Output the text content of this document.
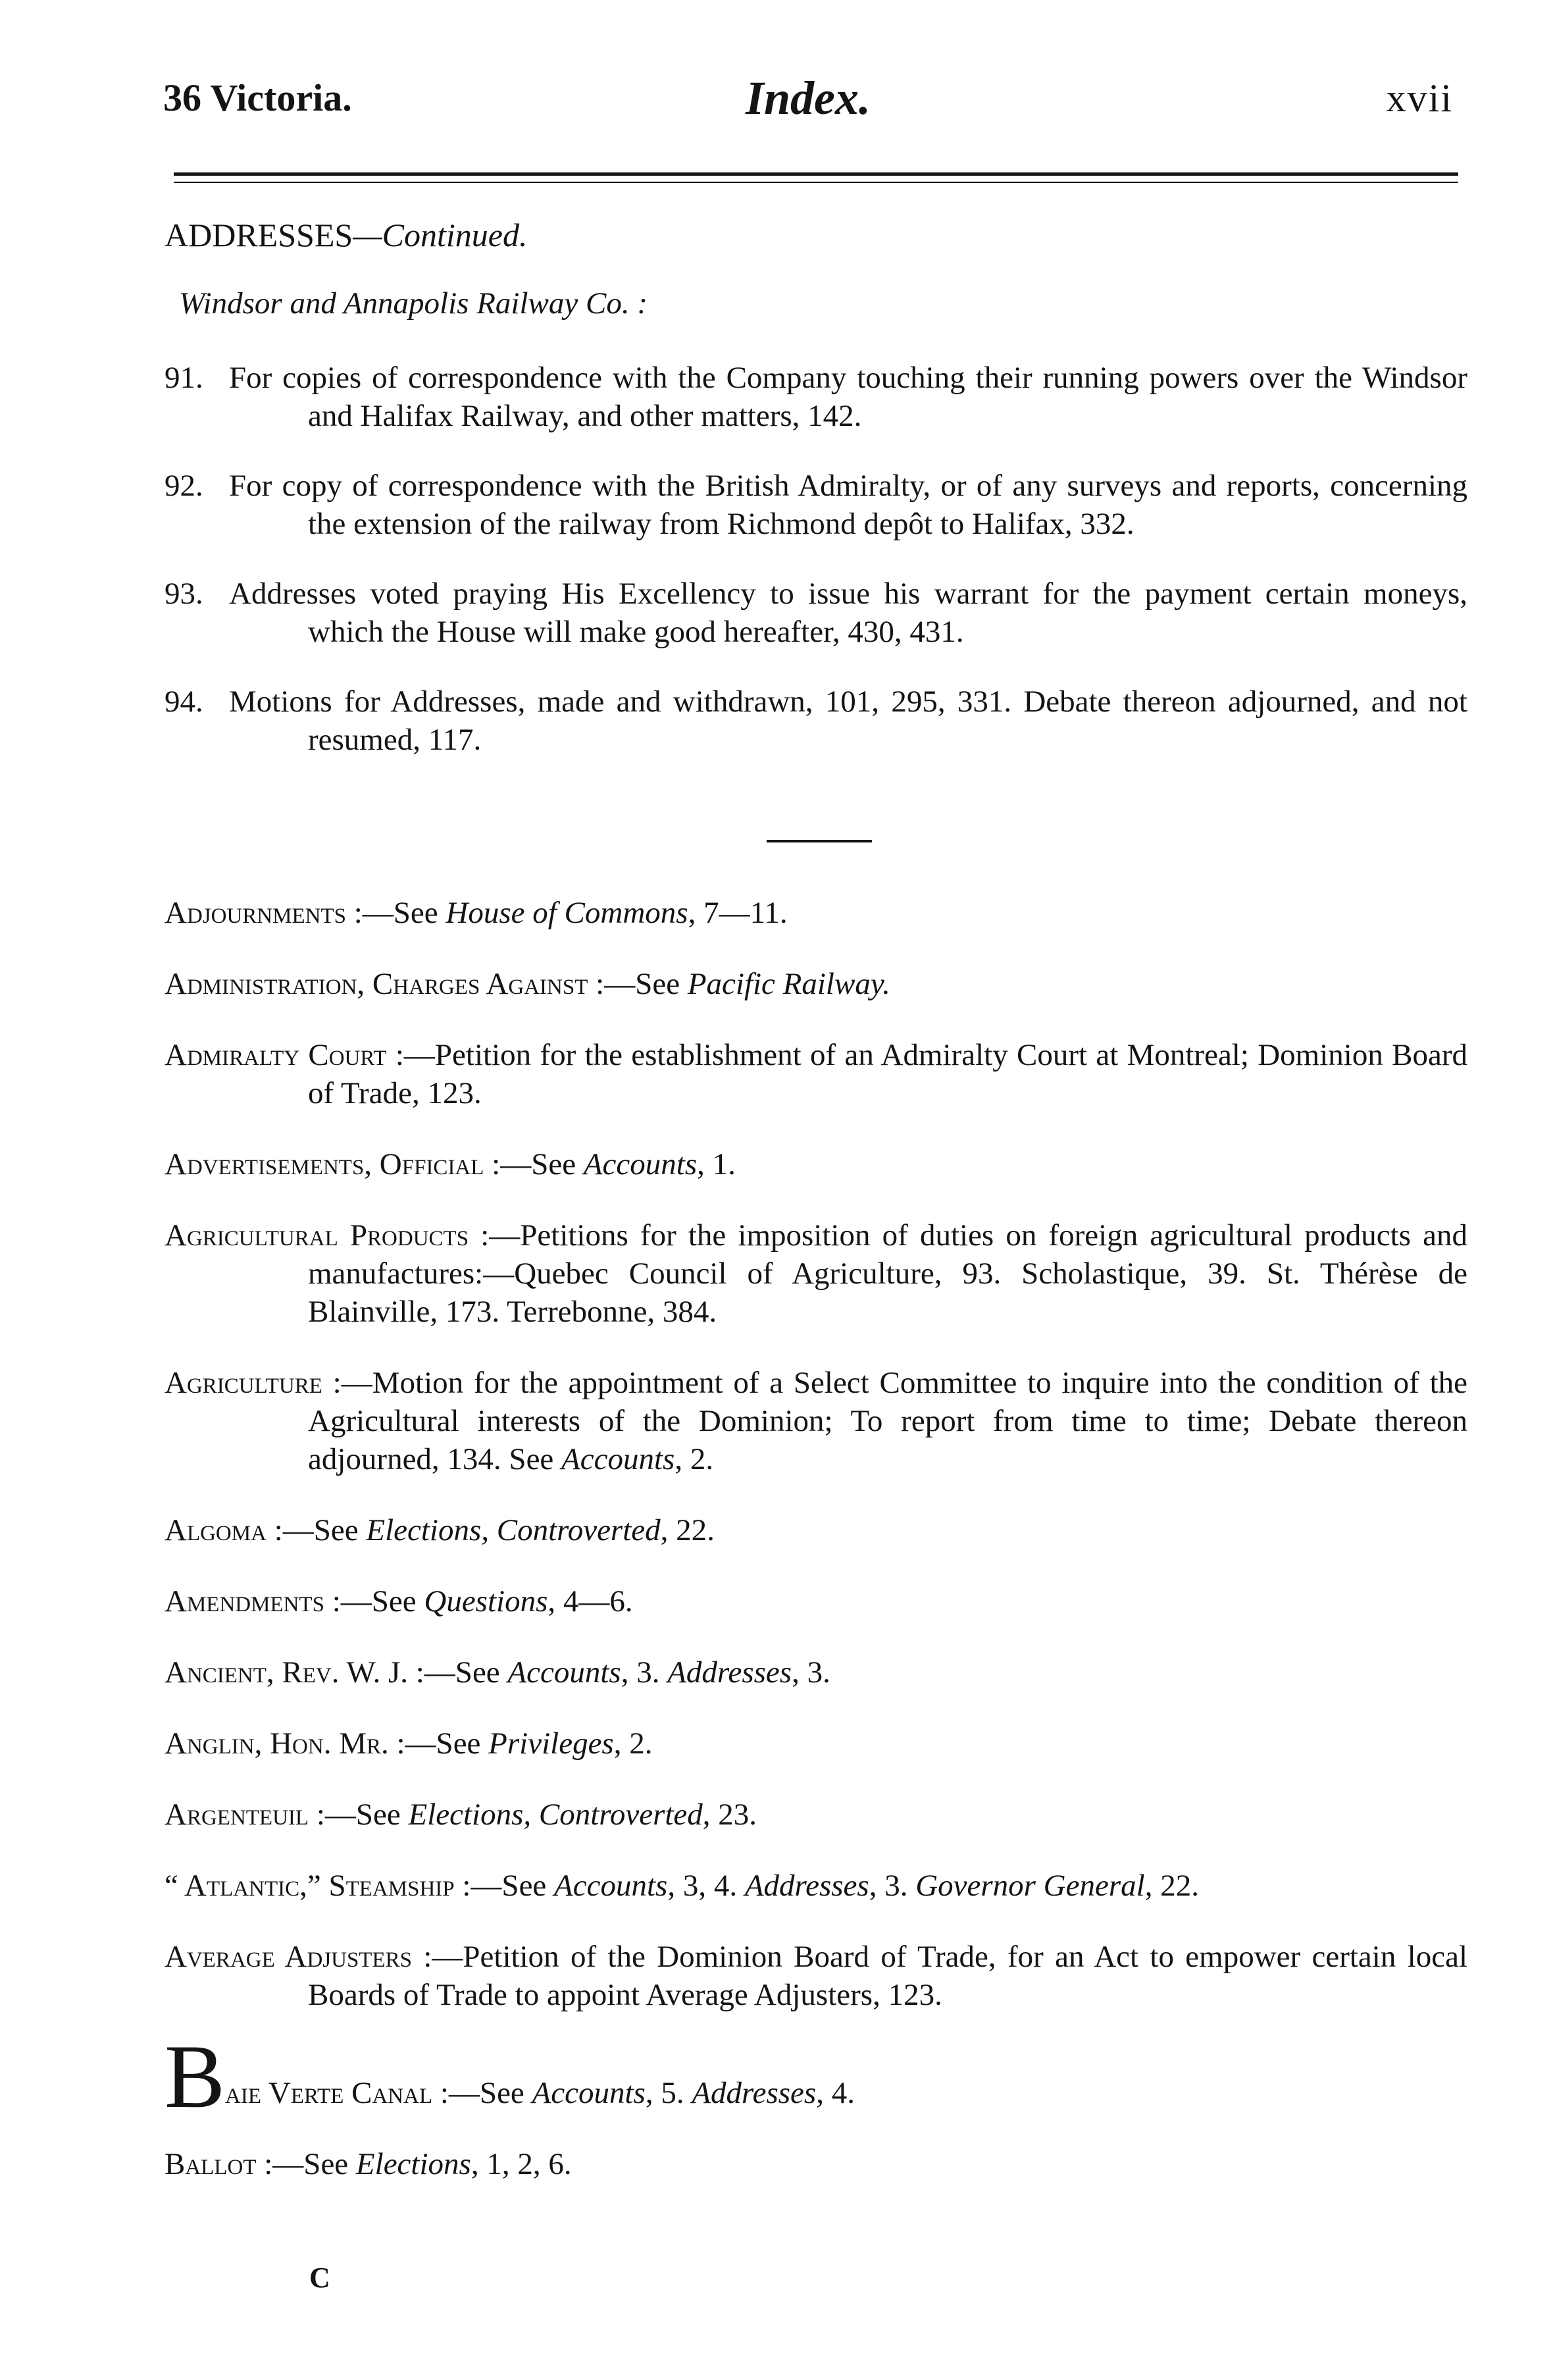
36 Victoria.	Index.	xvii
ADDRESSES—Continued.
Windsor and Annapolis Railway Co. :
91. For copies of correspondence with the Company touching their running powers over the Windsor and Halifax Railway, and other matters, 142.
92. For copy of correspondence with the British Admiralty, or of any surveys and reports, concerning the extension of the railway from Richmond depôt to Halifax, 332.
93. Addresses voted praying His Excellency to issue his warrant for the payment certain moneys, which the House will make good hereafter, 430, 431.
94. Motions for Addresses, made and withdrawn, 101, 295, 331. Debate thereon adjourned, and not resumed, 117.
Adjournments :—See House of Commons, 7—11.
Administration, Charges Against :—See Pacific Railway.
Admiralty Court :—Petition for the establishment of an Admiralty Court at Montreal; Dominion Board of Trade, 123.
Advertisements, Official :—See Accounts, 1.
Agricultural Products :—Petitions for the imposition of duties on foreign agricultural products and manufactures:—Quebec Council of Agriculture, 93. Scholastique, 39. St. Thérèse de Blainville, 173. Terrebonne, 384.
Agriculture :—Motion for the appointment of a Select Committee to inquire into the condition of the Agricultural interests of the Dominion; To report from time to time; Debate thereon adjourned, 134. See Accounts, 2.
Algoma :—See Elections, Controverted, 22.
Amendments :—See Questions, 4—6.
Ancient, Rev. W. J. :—See Accounts, 3. Addresses, 3.
Anglin, Hon. Mr. :—See Privileges, 2.
Argenteuil :—See Elections, Controverted, 23.
“ Atlantic,” Steamship :—See Accounts, 3, 4. Addresses, 3. Governor General, 22.
Average Adjusters :—Petition of the Dominion Board of Trade, for an Act to empower certain local Boards of Trade to appoint Average Adjusters, 123.
Baie Verte Canal :—See Accounts, 5. Addresses, 4.
Ballot :—See Elections, 1, 2, 6.
C
